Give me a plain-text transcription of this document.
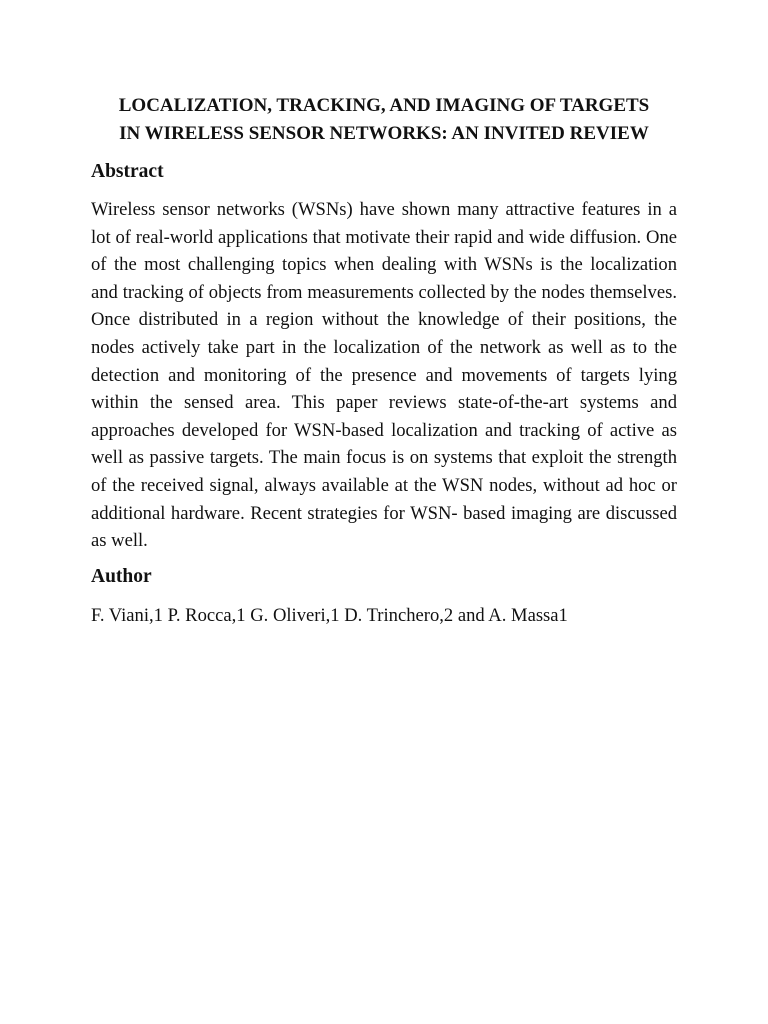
LOCALIZATION, TRACKING, AND IMAGING OF TARGETS
IN WIRELESS SENSOR NETWORKS: AN INVITED REVIEW
Abstract

Wireless sensor networks (WSNs) have shown many attractive features in a lot of real-world applications that motivate their rapid and wide diffusion. One of the most challenging topics when dealing with WSNs is the localization and tracking of objects from measurements collected by the nodes themselves. Once distributed in a region without the knowledge of their positions, the nodes actively take part in the localization of the network as well as to the detection and monitoring of the presence and movements of targets lying within the sensed area. This paper reviews state-of-the-art systems and approaches developed for WSN-based localization and tracking of active as well as passive targets. The main focus is on systems that exploit the strength of the received signal, always available at the WSN nodes, without ad hoc or additional hardware. Recent strategies for WSN- based imaging are discussed as well.

Author

F. Viani,1 P. Rocca,1 G. Oliveri,1 D. Trinchero,2 and A. Massa1
